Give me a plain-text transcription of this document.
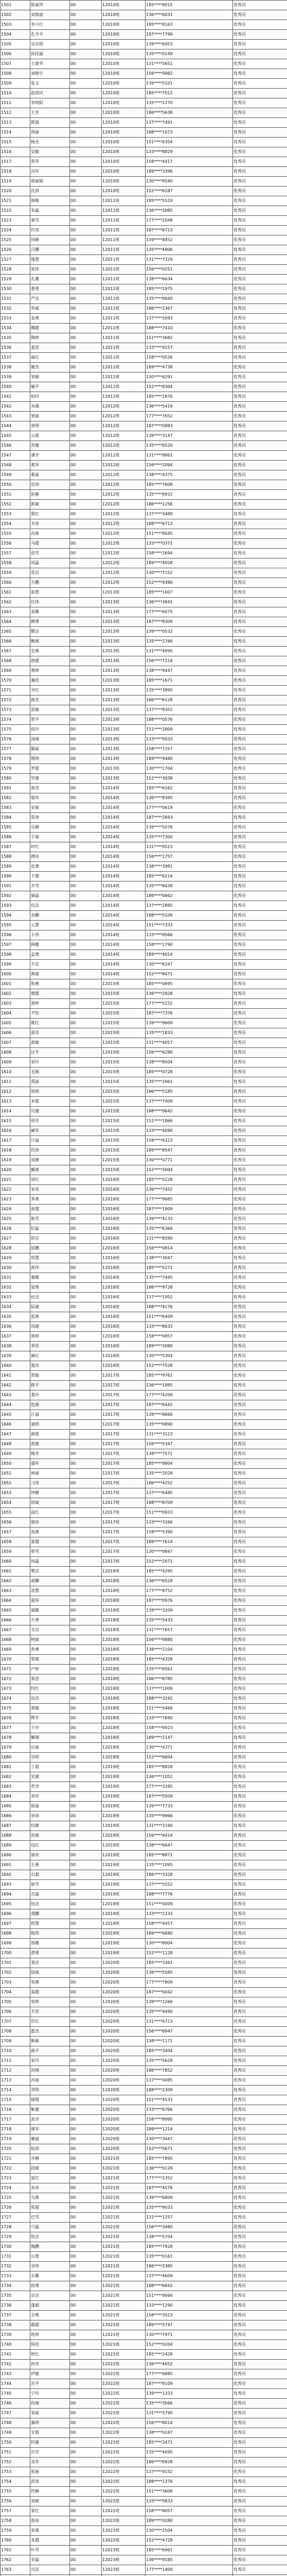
1501	陈丽萍	00	12010班	185****9015	优秀员
1502	刘海波	00	12010班	136****6031	优秀员
1503	李小红	00	12010班	185****8163	优秀员
1504	孔令平	00	12010班	187****7799	优秀员
1505	吴东明	00	12010班	139****6053	优秀员
1506	孙佳丽	00	12010班	135****0149	优秀员
1507	王建华	00	12010班	131****5651	优秀员
1508	刘晓宇	00	12010班	156****9982	优秀员
1509	张文	00	12010班	139****5101	优秀员
1510	赵国庆	00	12010班	185****7012	优秀员
1511	李明阳	00	12010班	135****2270	优秀员
1512	王芳	00	12010班	186****5638	优秀员
1513	陈强	00	12010班	137****7491	优秀员
1514	周丽	00	12010班	188****1073	优秀员
1515	杨光	00	12010班	151****6354	优秀员
1516	吴敏	00	12010班	133****8829	优秀员
1517	郑华	00	12010班	158****4417	优秀员
1518	冯军	00	12010班	189****3396	优秀员
1519	蒋丽娟	00	12010班	130****9540	优秀员
1520	沈涛	00	12010班	152****6187	优秀员
1521	韩梅	00	12011班	185****5519	优秀员
1522	朱磊	00	12011班	136****3085	优秀员
1523	秦雪	00	12011班	177****2048	优秀员
1524	许亮	00	12011班	187****6713	优秀员
1525	何静	00	12011班	139****8452	优秀员
1526	吕鹏	00	12011班	135****4906	优秀员
1527	施慧	00	12011班	131****7329	优秀员
1528	张伟	00	12011班	156****0251	优秀员
1529	孔娜	00	12011班	138****6634	优秀员
1530	曹勇	00	12011班	185****1975	优秀员
1531	严洁	00	12011班	135****8840	优秀员
1532	华斌	00	12011班	186****2367	优秀员
1533	金燕	00	12011班	137****5093	优秀员
1534	魏超	00	12011班	188****7410	优秀员
1535	陶婷	00	12011班	151****3682	优秀员
1536	姜浩	00	12011班	133****9157	优秀员
1537	戚红	00	12011班	158****0526	优秀员
1538	谢杰	00	12011班	189****4738	优秀员
1539	邹敏	00	12011班	130****6291	优秀员
1540	喻平	00	12011班	152****8304	优秀员
1541	柏玲	00	12012班	185****2876	优秀员
1542	水刚	00	12012班	136****5419	优秀员
1543	窦丽	00	12012班	177****7652	优秀员
1544	章明	00	12012班	187****0983	优秀员
1545	云霞	00	12012班	139****3147	优秀员
1546	苏建	00	12012班	135****6520	优秀员
1547	潘芳	00	12012班	131****8861	优秀员
1548	葛军	00	12012班	156****2094	优秀员
1549	奚丽	00	12012班	138****4375	优秀员
1550	范涛	00	12012班	185****7608	优秀员
1551	彭静	00	12012班	135****9932	优秀员
1552	郎斌	00	12012班	186****1256	优秀员
1553	鲁红	00	12012班	137****3489	优秀员
1554	韦亮	00	12012班	188****6713	优秀员
1555	昌燕	00	12012班	151****8045	优秀员
1556	马超	00	12012班	133****0371	优秀员
1557	苗雪	00	12012班	158****2694	优秀员
1558	凤磊	00	12012班	189****4928	优秀员
1559	花洁	00	12012班	130****7152	优秀员
1560	方鹏	00	12012班	152****9386	优秀员
1561	俞慧	00	12013班	185****1607	优秀员
1562	任伟	00	12013班	136****3841	优秀员
1563	袁娜	00	12013班	177****6075	优秀员
1564	柳勇	00	12013班	187****8309	优秀员
1565	酆洁	00	12013班	139****0532	优秀员
1566	鲍斌	00	12013班	135****2766	优秀员
1567	史燕	00	12013班	131****4990	优秀员
1568	唐超	00	12013班	156****7214	优秀员
1569	费婷	00	12013班	138****9447	优秀员
1570	廉浩	00	12013班	185****1671	优秀员
1571	岑红	00	12013班	135****3895	优秀员
1572	薛杰	00	12013班	186****6128	优秀员
1573	雷敏	00	12013班	137****8352	优秀员
1574	贺平	00	12013班	188****0576	优秀员
1575	倪玲	00	12013班	151****2809	优秀员
1576	汤刚	00	12013班	133****5033	优秀员
1577	滕丽	00	12013班	158****7257	优秀员
1578	殷明	00	12013班	189****9480	优秀员
1579	罗霞	00	12013班	130****1704	优秀员
1580	毕建	00	12013班	152****3938	优秀员
1581	郝芳	00	12014班	185****6162	优秀员
1582	邬军	00	12014班	136****8395	优秀员
1583	安丽	00	12014班	177****0619	优秀员
1584	常涛	00	12014班	187****2843	优秀员
1585	乐静	00	12014班	139****5076	优秀员
1586	于斌	00	12014班	135****7300	优秀员
1587	时红	00	12014班	131****9523	优秀员
1588	傅亮	00	12014班	156****1757	优秀员
1589	皮燕	00	12014班	138****3981	优秀员
1590	卞超	00	12014班	185****6214	优秀员
1591	齐雪	00	12014班	135****8438	优秀员
1592	康磊	00	12014班	186****0662	优秀员
1593	伍洁	00	12014班	137****2885	优秀员
1594	余鹏	00	12014班	188****5109	优秀员
1595	元慧	00	12014班	151****7333	优秀员
1596	卜伟	00	12014班	133****9566	优秀员
1597	顾娜	00	12014班	158****1790	优秀员
1598	孟勇	00	12014班	189****4014	优秀员
1599	平洁	00	12014班	130****6247	优秀员
1600	黄斌	00	12014班	152****8471	优秀员
1601	和燕	00	12015班	185****0695	优秀员
1602	穆超	00	12015班	136****2928	优秀员
1603	萧婷	00	12015班	177****5152	优秀员
1604	尹浩	00	12015班	187****7376	优秀员
1605	姚红	00	12015班	139****9609	优秀员
1606	邵杰	00	12015班	135****1833	优秀员
1607	湛敏	00	12015班	131****4057	优秀员
1608	汪平	00	12015班	156****6280	优秀员
1609	祁玲	00	12015班	138****8504	优秀员
1610	毛刚	00	12015班	185****0728	优秀员
1611	禹丽	00	12015班	135****2961	优秀员
1612	狄明	00	12015班	186****5185	优秀员
1613	米霞	00	12015班	137****7409	优秀员
1614	贝建	00	12015班	188****9642	优秀员
1615	明芳	00	12015班	151****1866	优秀员
1616	臧军	00	12015班	133****4090	优秀员
1617	计丽	00	12015班	158****6323	优秀员
1618	伏涛	00	12015班	189****8547	优秀员
1619	成静	00	12015班	130****0771	优秀员
1620	戴斌	00	12015班	152****3004	优秀员
1621	谈红	00	12016班	185****5228	优秀员
1622	宋亮	00	12016班	136****7452	优秀员
1623	茅燕	00	12016班	177****9685	优秀员
1624	庞超	00	12016班	187****1909	优秀员
1625	熊雪	00	12016班	139****4133	优秀员
1626	纪磊	00	12016班	135****6366	优秀员
1627	舒洁	00	12016班	131****8590	优秀员
1628	屈鹏	00	12016班	156****0814	优秀员
1629	项慧	00	12016班	138****3047	优秀员
1630	祝伟	00	12016班	185****5271	优秀员
1631	董娜	00	12016班	135****7495	优秀员
1632	梁勇	00	12016班	186****9728	优秀员
1633	杜洁	00	12016班	137****1952	优秀员
1634	阮斌	00	12016班	188****4176	优秀员
1635	蓝燕	00	12016班	151****6409	优秀员
1636	闵超	00	12016班	133****8633	优秀员
1637	席婷	00	12016班	158****0857	优秀员
1638	季浩	00	12016班	189****3080	优秀员
1639	麻红	00	12016班	130****5304	优秀员
1640	强杰	00	12016班	152****7528	优秀员
1641	贾敏	00	12017班	185****9761	优秀员
1642	路平	00	12017班	136****1985	优秀员
1643	娄玲	00	12017班	177****4209	优秀员
1644	危刚	00	12017班	187****6442	优秀员
1645	江丽	00	12017班	139****8666	优秀员
1646	童明	00	12017班	135****0890	优秀员
1647	颜霞	00	12017班	131****3123	优秀员
1648	郭建	00	12017班	156****5347	优秀员
1649	梅芳	00	12017班	138****7571	优秀员
1650	盛军	00	12017班	185****9804	优秀员
1651	林丽	00	12017班	135****2028	优秀员
1652	刁涛	00	12017班	186****4252	优秀员
1653	钟静	00	12017班	137****6485	优秀员
1654	徐斌	00	12017班	188****8709	优秀员
1655	邱红	00	12017班	151****0933	优秀员
1656	骆亮	00	12017班	133****3166	优秀员
1657	高燕	00	12017班	158****5390	优秀员
1658	夏超	00	12017班	189****7614	优秀员
1659	蔡雪	00	12017班	130****9847	优秀员
1660	田磊	00	12017班	152****2071	优秀员
1661	樊洁	00	12018班	185****4295	优秀员
1662	胡鹏	00	12018班	136****6528	优秀员
1663	凌慧	00	12018班	177****8752	优秀员
1664	霍伟	00	12018班	187****0976	优秀员
1665	虞娜	00	12018班	139****3209	优秀员
1666	万勇	00	12018班	135****5433	优秀员
1667	支洁	00	12018班	131****7657	优秀员
1668	柯斌	00	12018班	156****9880	优秀员
1669	昝燕	00	12018班	138****2104	优秀员
1670	管超	00	12018班	185****4328	优秀员
1671	卢婷	00	12018班	135****6561	优秀员
1672	莫浩	00	12018班	186****8785	优秀员
1673	经红	00	12018班	137****1009	优秀员
1674	房杰	00	12018班	188****3242	优秀员
1675	裘敏	00	12018班	151****5466	优秀员
1676	缪平	00	12018班	133****7690	优秀员
1677	干玲	00	12018班	158****9923	优秀员
1678	解刚	00	12018班	189****2147	优秀员
1679	应丽	00	12018班	130****4371	优秀员
1680	宗明	00	12018班	152****6604	优秀员
1681	丁霞	00	12019班	185****8828	优秀员
1682	宣建	00	12019班	136****1052	优秀员
1683	贲芳	00	12019班	177****3285	优秀员
1684	邓军	00	12019班	187****5509	优秀员
1685	郁丽	00	12019班	139****7733	优秀员
1686	单涛	00	12019班	135****9966	优秀员
1687	杭静	00	12019班	131****2190	优秀员
1688	洪斌	00	12019班	156****4414	优秀员
1689	包红	00	12019班	138****6647	优秀员
1690	诸亮	00	12019班	185****8871	优秀员
1691	左燕	00	12019班	135****1095	优秀员
1692	石超	00	12019班	186****3328	优秀员
1693	崔雪	00	12019班	137****5552	优秀员
1694	吉磊	00	12019班	188****7776	优秀员
1695	钮洁	00	12019班	151****0009	优秀员
1696	龚鹏	00	12019班	133****2233	优秀员
1697	程慧	00	12019班	158****4457	优秀员
1698	嵇伟	00	12019班	189****6680	优秀员
1699	邢娜	00	12019班	130****8904	优秀员
1700	滑勇	00	12019班	152****1128	优秀员
1701	裴洁	00	12020班	185****3361	优秀员
1702	陆斌	00	12020班	136****5585	优秀员
1703	荣燕	00	12020班	177****7809	优秀员
1704	翁超	00	12020班	187****0042	优秀员
1705	荀婷	00	12020班	139****2266	优秀员
1706	羊浩	00	12020班	135****4490	优秀员
1707	於红	00	12020班	131****6723	优秀员
1708	惠杰	00	12020班	156****8947	优秀员
1709	甄敏	00	12020班	138****1171	优秀员
1710	曲平	00	12020班	185****3404	优秀员
1711	家玲	00	12020班	135****5628	优秀员
1712	封刚	00	12020班	186****7852	优秀员
1713	芮丽	00	12020班	137****0085	优秀员
1714	羿明	00	12020班	188****2309	优秀员
1715	储霞	00	12020班	151****4533	优秀员
1716	靳建	00	12020班	133****6766	优秀员
1717	汲芳	00	12020班	158****8990	优秀员
1718	邴军	00	12020班	189****1214	优秀员
1719	糜丽	00	12020班	130****3447	优秀员
1720	松涛	00	12020班	152****5671	优秀员
1721	井静	00	12021班	185****7895	优秀员
1722	段斌	00	12021班	136****0128	优秀员
1723	富红	00	12021班	177****2352	优秀员
1724	巫亮	00	12021班	187****4576	优秀员
1725	乌燕	00	12021班	139****6809	优秀员
1726	焦超	00	12021班	135****9033	优秀员
1727	巴雪	00	12021班	131****1257	优秀员
1728	弓磊	00	12021班	156****3480	优秀员
1729	牧洁	00	12021班	138****5704	优秀员
1730	隗鹏	00	12021班	185****7928	优秀员
1731	山慧	00	12021班	135****0161	优秀员
1732	谷伟	00	12021班	186****2385	优秀员
1733	车娜	00	12021班	137****4609	优秀员
1734	侯勇	00	12021班	188****6842	优秀员
1735	宓洁	00	12021班	151****9066	优秀员
1736	蓬斌	00	12021班	133****1290	优秀员
1737	全燕	00	12021班	158****3523	优秀员
1738	郗超	00	12021班	189****5747	优秀员
1739	班婷	00	12021班	130****7971	优秀员
1740	仰浩	00	12021班	152****0204	优秀员
1741	秋红	00	12022班	185****2428	优秀员
1742	仲杰	00	12022班	136****4652	优秀员
1743	伊敏	00	12022班	177****6885	优秀员
1744	宫平	00	12022班	187****9109	优秀员
1745	宁玲	00	12022班	139****1333	优秀员
1746	仇刚	00	12022班	135****3566	优秀员
1747	栾丽	00	12022班	131****5790	优秀员
1748	暴明	00	12022班	156****8014	优秀员
1749	甘霞	00	12022班	138****0247	优秀员
1750	钭建	00	12022班	185****2471	优秀员
1751	厉芳	00	12022班	135****4695	优秀员
1752	戎军	00	12022班	186****6928	优秀员
1753	祖丽	00	12022班	137****9152	优秀员
1754	武涛	00	12022班	188****1376	优秀员
1755	符静	00	12022班	151****3609	优秀员
1756	刘斌	00	12022班	133****5833	优秀员
1757	景红	00	12022班	158****8057	优秀员
1758	詹亮	00	12022班	189****0280	优秀员
1759	束燕	00	12022班	130****2504	优秀员
1760	龙超	00	12022班	152****4728	优秀员
1761	叶雪	00	12023班	185****6961	优秀员
1762	幸磊	00	12023班	136****9185	优秀员
1763	司洁	00	12023班	177****1409	优秀员
